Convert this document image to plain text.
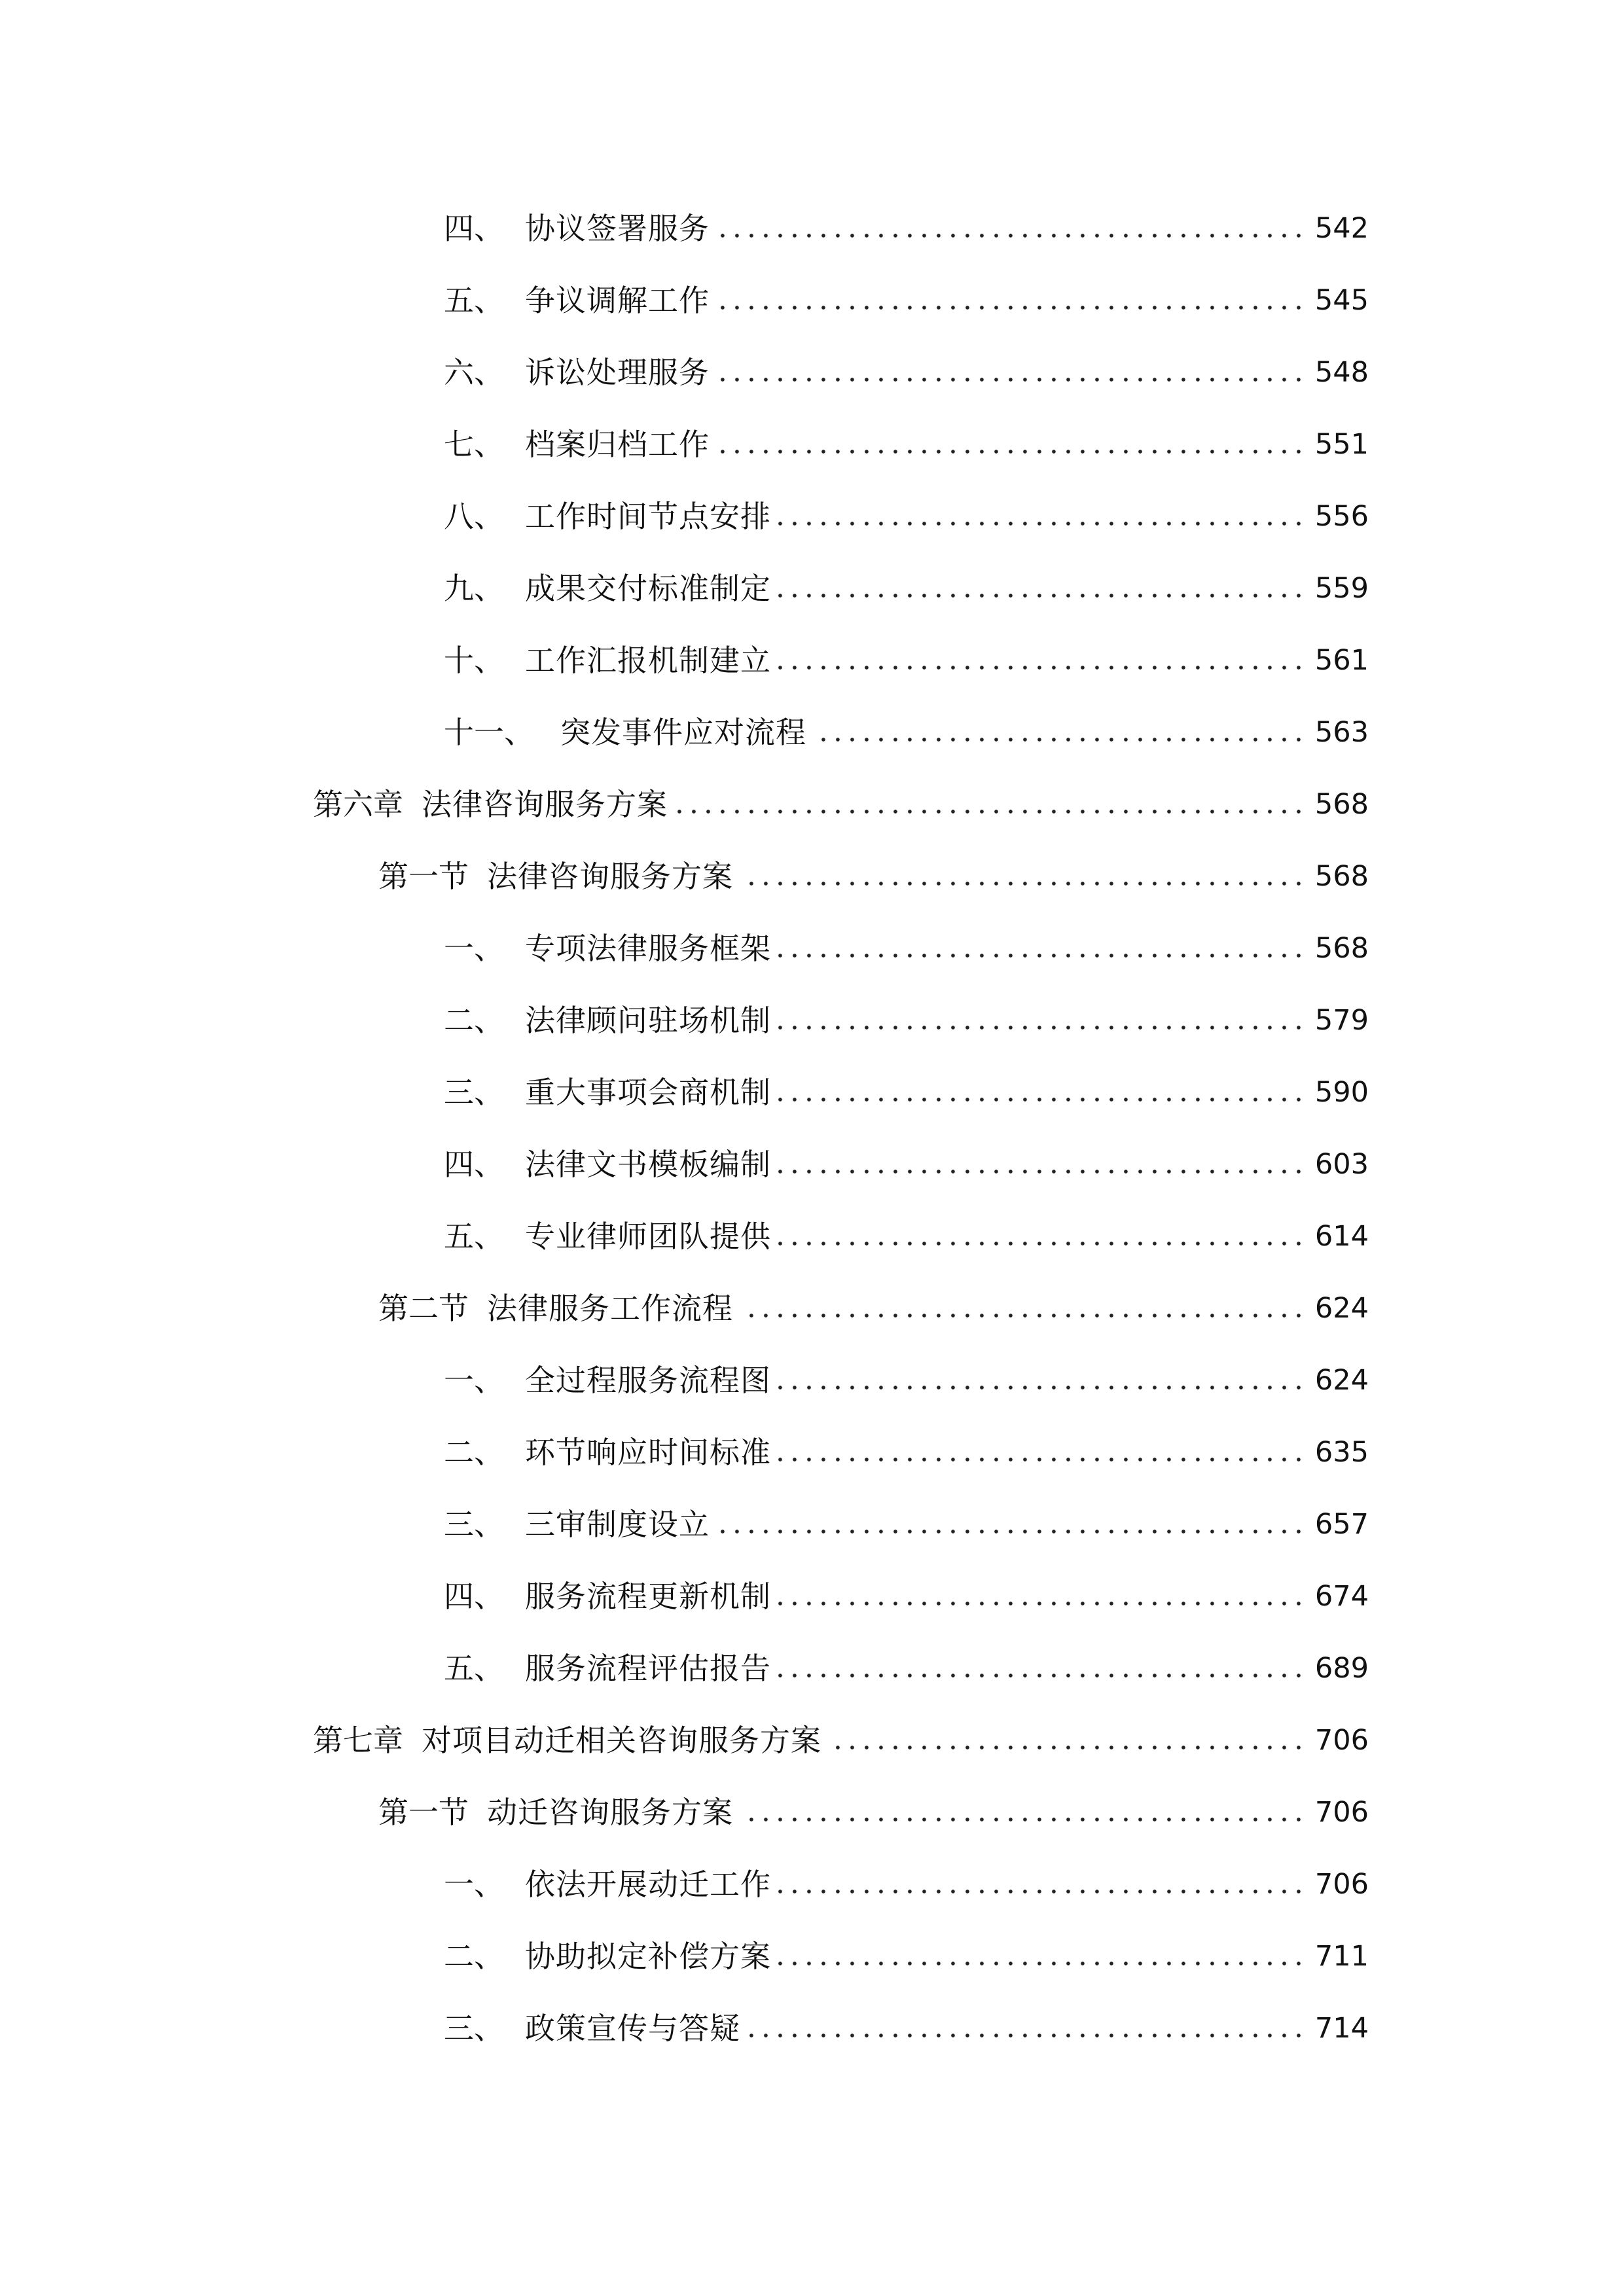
四、 协议签署服务	542
五、 争议调解工作	545
六、 诉讼处理服务	548
七、 档案归档工作	551
八、 工作时间节点安排	556
九、 成果交付标准制定	559
十、 工作汇报机制建立	561
十一、 突发事件应对流程	563
第六章 法律咨询服务方案	568
第一节 法律咨询服务方案	568
一、 专项法律服务框架	568
二、 法律顾问驻场机制	579
三、 重大事项会商机制	590
四、 法律文书模板编制	603
五、 专业律师团队提供	614
第二节 法律服务工作流程	624
一、 全过程服务流程图	624
二、 环节响应时间标准	635
三、 三审制度设立	657
四、 服务流程更新机制	674
五、 服务流程评估报告	689
第七章 对项目动迁相关咨询服务方案	706
第一节 动迁咨询服务方案	706
一、 依法开展动迁工作	706
二、 协助拟定补偿方案	711
三、 政策宣传与答疑	714
